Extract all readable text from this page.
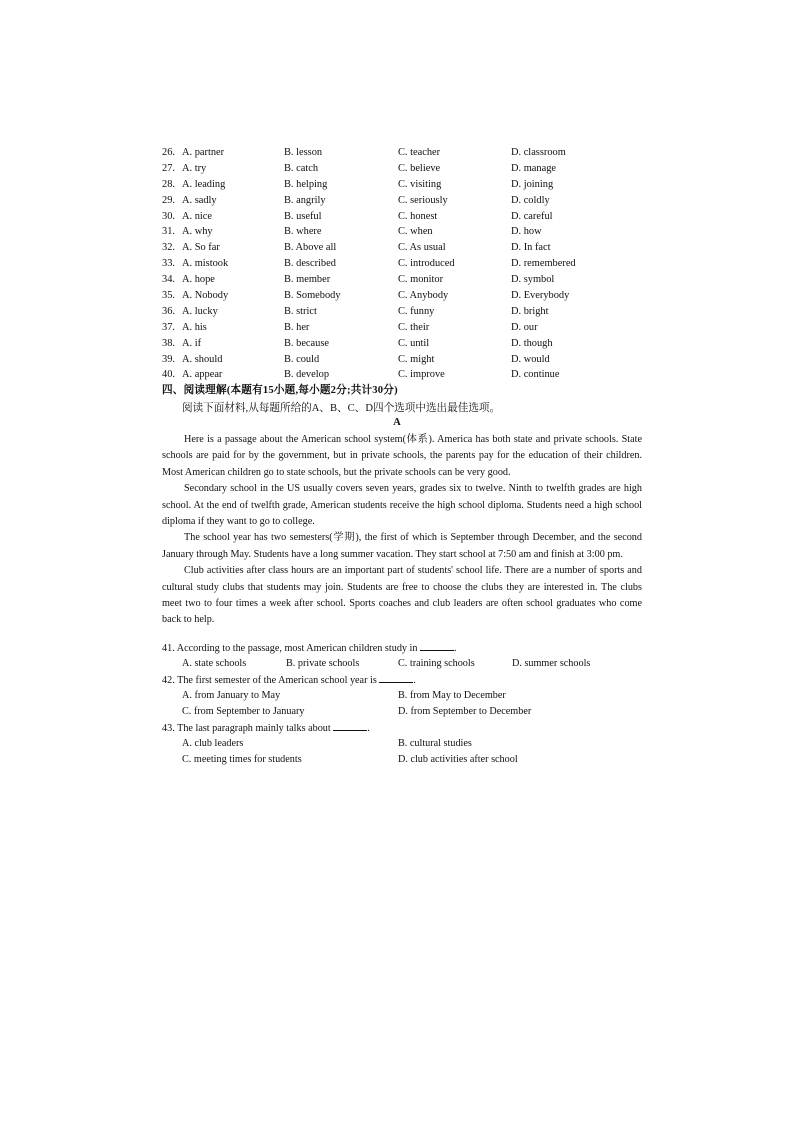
26. A. partner	B. lesson	C. teacher	D. classroom
27. A. try	B. catch	C. believe	D. manage
28. A. leading	B. helping	C. visiting	D. joining
29. A. sadly	B. angrily	C. seriously	D. coldly
30. A. nice	B. useful	C. honest	D. careful
31. A. why	B. where	C. when	D. how
32. A. So far	B. Above all	C. As usual	D. In fact
33. A. mistook	B. described	C. introduced	D. remembered
34. A. hope	B. member	C. monitor	D. symbol
35. A. Nobody	B. Somebody	C. Anybody	D. Everybody
36. A. lucky	B. strict	C. funny	D. bright
37. A. his	B. her	C. their	D. our
38. A. if	B. because	C. until	D. though
39. A. should	B. could	C. might	D. would
40. A. appear	B. develop	C. improve	D. continue
四、阅读理解(本题有15小题,每小题2分;共计30分)
阅读下面材料,从每题所给的A、B、C、D四个选项中选出最佳选项。
A

Here is a passage about the American school system(体系). America has both state and private schools. State schools are paid for by the government, but in private schools, the parents pay for the education of their children. Most American children go to state schools, but the private schools can be very good.

Secondary school in the US usually covers seven years, grades six to twelve. Ninth to twelfth grades are high school. At the end of twelfth grade, American students receive the high school diploma. Students need a high school diploma if they want to go to college.

The school year has two semesters(学期), the first of which is September through December, and the second January through May. Students have a long summer vacation. They start school at 7:50 am and finish at 3:00 pm.

Club activities after class hours are an important part of students' school life. There are a number of sports and cultural study clubs that students may join. Students are free to choose the clubs they are interested in. The clubs meet two to four times a week after school. Sports coaches and club leaders are often school graduates who come back to help.

41. According to the passage, most American children study in	.
A. state schools	B. private schools	C. training schools	D. summer schools
42. The first semester of the American school year is	.
A. from January to May	B. from May to December
C. from September to January	D. from September to December
43. The last paragraph mainly talks about	.
A. club leaders	B. cultural studies
C. meeting times for students	D. club activities after school
